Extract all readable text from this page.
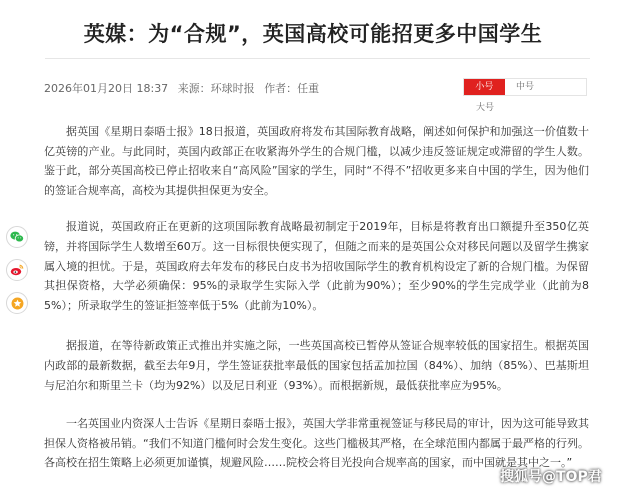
英媒：为“合规”，英国高校可能招更多中国学生
2026年01月20日 18:37 来源：环球时报 作者：任重	小号	中号
大号

据英国《星期日泰晤士报》18日报道，英国政府将发布其国际教育战略，阐述如何保护和加强这一价值数十亿英镑的产业。与此同时，英国内政部正在收紧海外学生的合规门槛，以减少违反签证规定或滞留的学生人数。鉴于此，部分英国高校已停止招收来自“高风险”国家的学生，同时“不得不”招收更多来自中国的学生，因为他们的签证合规率高，高校为其提供担保更为安全。

报道说，英国政府正在更新的这项国际教育战略最初制定于2019年，目标是将教育出口额提升至350亿英镑，并将国际学生人数增至60万。这一目标很快便实现了，但随之而来的是英国公众对移民问题以及留学生携家属入境的担忧。于是，英国政府去年发布的移民白皮书为招收国际学生的教育机构设定了新的合规门槛。为保留其担保资格，大学必须确保：95%的录取学生实际入学（此前为90%）；至少90%的学生完成学业（此前为85%）；所录取学生的签证拒签率低于5%（此前为10%）。

据报道，在等待新政策正式推出并实施之际，一些英国高校已暂停从签证合规率较低的国家招生。根据英国内政部的最新数据，截至去年9月，学生签证获批率最低的国家包括孟加拉国（84%）、加纳（85%）、巴基斯坦与尼泊尔和斯里兰卡（均为92%）以及尼日利亚（93%）。而根据新规，最低获批率应为95%。

一名英国业内资深人士告诉《星期日泰晤士报》，英国大学非常重视签证与移民局的审计，因为这可能导致其担保人资格被吊销。“我们不知道门槛何时会发生变化。这些门槛极其严格，在全球范围内都属于最严格的行列。各高校在招生策略上必须更加谨慎，规避风险……院校会将目光投向合规率高的国家，而中国就是其中之一。”

搜狐号@TOP君
